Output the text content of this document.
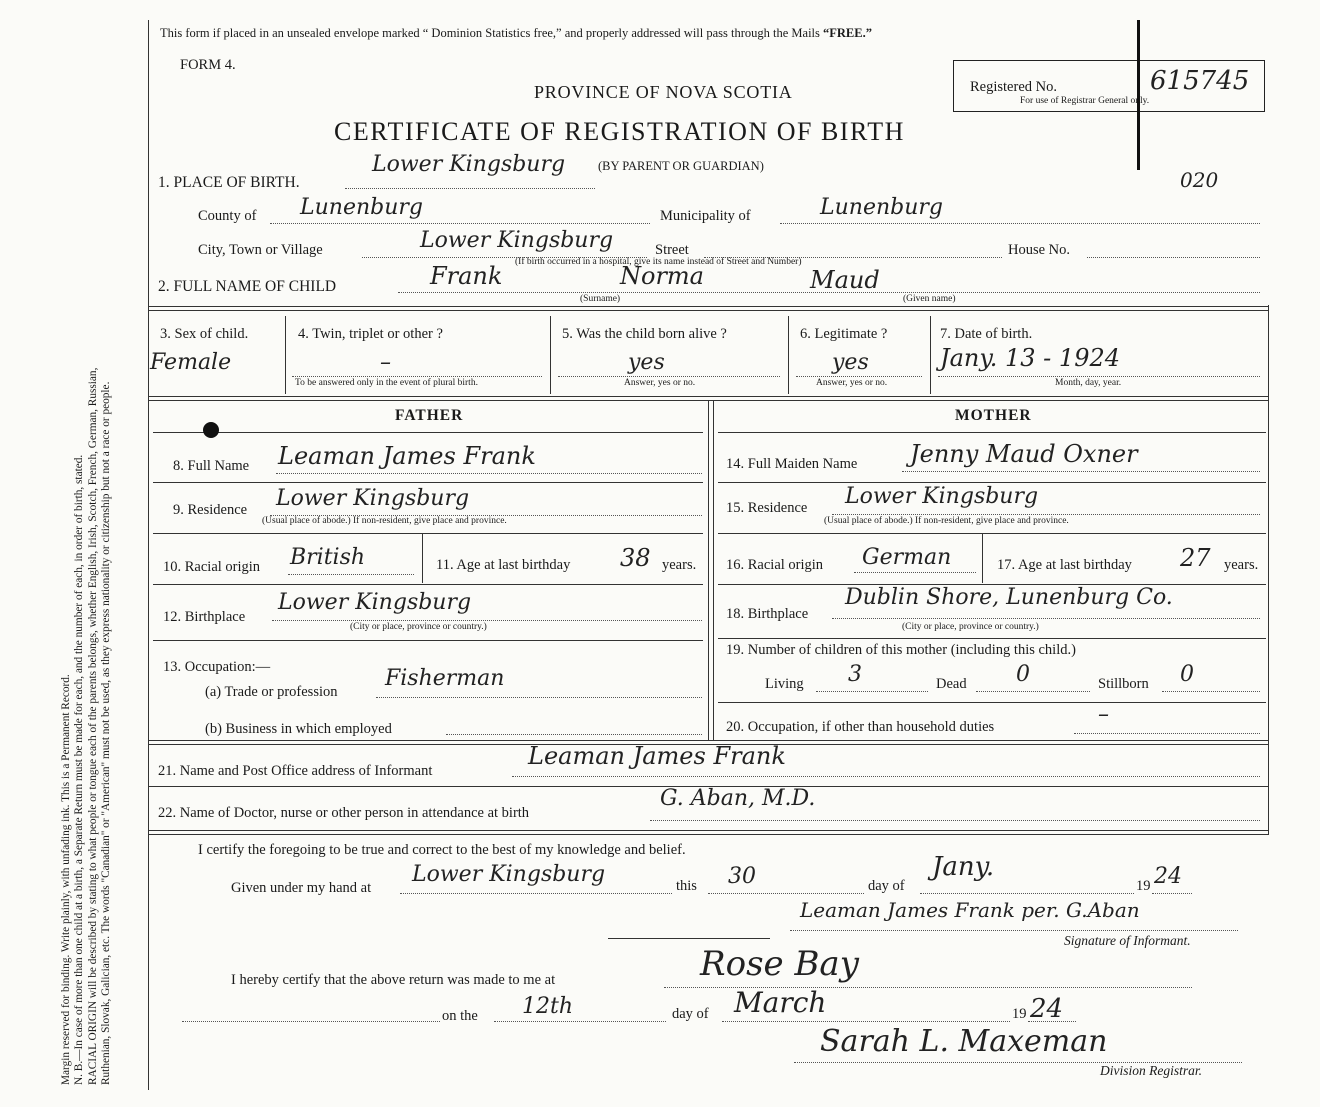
Margin reserved for binding. Write plainly, with unfading ink. This is a Permanent Record. N. B.—In case of more than one child at a birth, a Separate Return must be made for each, and the number of each, in order of birth, stated. RACIAL ORIGIN will be described by stating to what people or tongue each of the parents belongs, whether English, Irish, Scotch, French, German, Russian, Ruthenian, Slovak, Galician, etc. The words "Canadian" or "American" must not be used, as they express nationality or citizenship but not a race or people.
This form if placed in an unsealed envelope marked “ Dominion Statistics free,” and properly addressed will pass through the Mails “FREE.”
FORM 4.
PROVINCE OF NOVA SCOTIA
CERTIFICATE OF REGISTRATION OF BIRTH
(BY PARENT OR GUARDIAN)
Registered No.	615745
For use of Registrar General only.
020
1. PLACE OF BIRTH.
Lower Kingsburg
County of Lunenburg	Municipality of	Lunenburg
City, Town or Village	Lower Kingsburg	Street	House No.
(If birth occurred in a hospital, give its name instead of Street and Number)
2. FULL NAME OF CHILD	Frank	Norma	Maud
(Surname)	(Given name)
3. Sex of child.
Female
4. Twin, triplet or other ?
–
To be answered only in the event of plural birth.
5. Was the child born alive ?
yes
Answer, yes or no.
6. Legitimate ?
yes
Answer, yes or no.
7. Date of birth.
Jany. 13 - 1924
Month, day, year.
FATHER	MOTHER
8. Full Name Leaman James Frank
9. Residence Lower Kingsburg
(Usual place of abode.) If non-resident, give place and province.
10. Racial origin British	11. Age at last birthday 38 years.
12. Birthplace
Lower Kingsburg
(City or place, province or country.)
13. Occupation:—
(a) Trade or profession
Fisherman
(b) Business in which employed
14. Full Maiden Name Jenny Maud Oxner
15. Residence Lower Kingsburg
(Usual place of abode.) If non-resident, give place and province.
16. Racial origin German	17. Age at last birthday 27 years.
18. Birthplace
Dublin Shore, Lunenburg Co.
(City or place, province or country.)
19. Number of children of this mother (including this child.)
Living 3	Dead 0	Stillborn 0
20. Occupation, if other than household duties	–
21. Name and Post Office address of Informant
Leaman James Frank
22. Name of Doctor, nurse or other person in attendance at birth
G. Aban, M.D.
I certify the foregoing to be true and correct to the best of my knowledge and belief.
Given under my hand at
Lower Kingsburg	this 30	day of
Jany.
19 24
Leaman James Frank per. G.Aban
Signature of Informant.
I hereby certify that the above return was made to me at	Rose Bay
on the 12th	day of March	19 24
Sarah L. Maxeman
Division Registrar.
